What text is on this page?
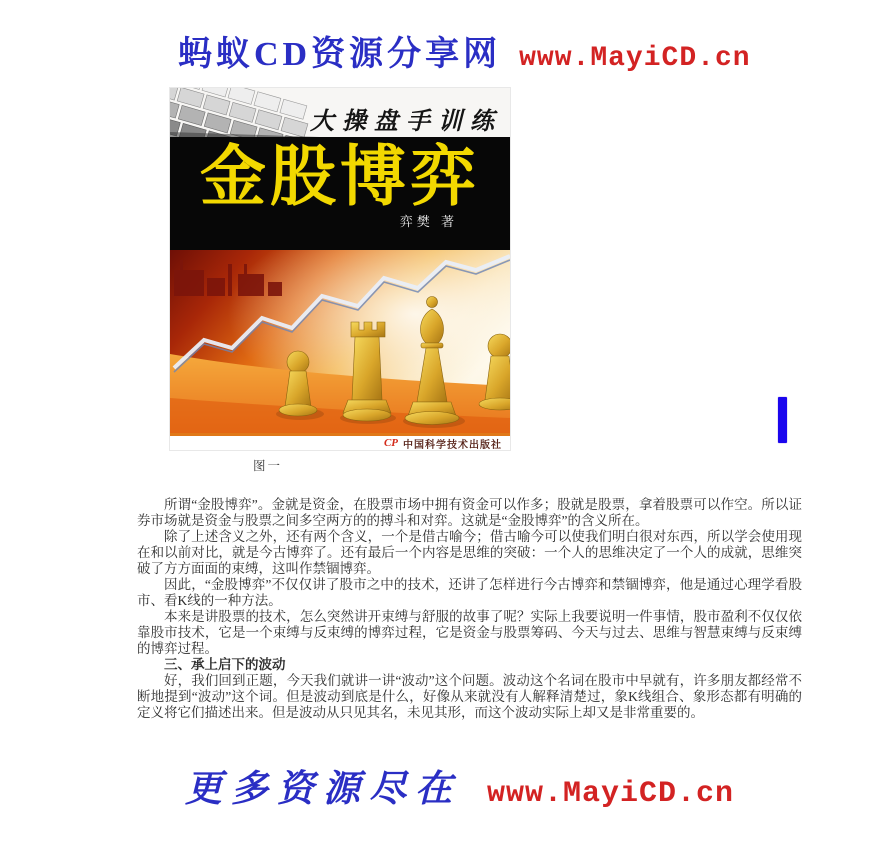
蚂蚁CD资源分享网 www.MayiCD.cn
大操盘手训练
金股博弈
弈樊 著
CP 中国科学技术出版社
图一

所谓“金股博弈”。金就是资金，在股票市场中拥有资金可以作多；股就是股票，拿着股票可以作空。所以证券市场就是资金与股票之间多空两方的的搏斗和对弈。这就是“金股博弈”的含义所在。

除了上述含义之外，还有两个含义，一个是借古喻今；借古喻今可以使我们明白很对东西，所以学会使用现在和以前对比，就是今古博弈了。还有最后一个内容是思维的突破：一个人的思维决定了一个人的成就，思维突破了方方面面的束缚，这叫作禁锢博弈。

因此，“金股博弈”不仅仅讲了股市之中的技术，还讲了怎样进行今古博弈和禁锢博弈，他是通过心理学看股市、看K线的一种方法。

本来是讲股票的技术，怎么突然讲开束缚与舒服的故事了呢？实际上我要说明一件事情，股市盈利不仅仅依靠股市技术，它是一个束缚与反束缚的博弈过程，它是资金与股票筹码、今天与过去、思维与智慧束缚与反束缚的博弈过程。

三、承上启下的波动

好，我们回到正题，今天我们就讲一讲“波动”这个问题。波动这个名词在股市中早就有，许多朋友都经常不断地提到“波动”这个词。但是波动到底是什么，好像从来就没有人解释清楚过，象K线组合、象形态都有明确的定义将它们描述出来。但是波动从只见其名，未见其形，而这个波动实际上却又是非常重要的。

更多资源尽在 www.MayiCD.cn
